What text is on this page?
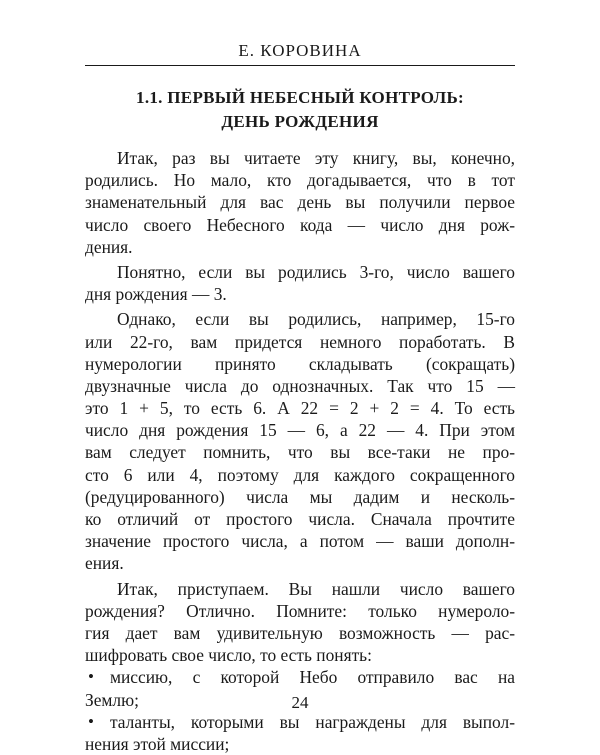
Е. КОРОВИНА
1.1. ПЕРВЫЙ НЕБЕСНЫЙ КОНТРОЛЬ:
ДЕНЬ РОЖДЕНИЯ
Итак, раз вы читаете эту книгу, вы, конечно,
родились. Но мало, кто догадывается, что в тот
знаменательный для вас день вы получили первое
число своего Небесного кода — число дня рож-
дения.
Понятно, если вы родились 3-го, число вашего
дня рождения — 3.
Однако, если вы родились, например, 15-го
или 22-го, вам придется немного поработать. В
нумерологии принято складывать (сокращать)
двузначные числа до однозначных. Так что 15 —
это 1 + 5, то есть 6. А 22 = 2 + 2 = 4. То есть
число дня рождения 15 — 6, а 22 — 4. При этом
вам следует помнить, что вы все-таки не про-
сто 6 или 4, поэтому для каждого сокращенного
(редуцированного) числа мы дадим и несколь-
ко отличий от простого числа. Сначала прочтите
значение простого числа, а потом — ваши дополн-
ения.
Итак, приступаем. Вы нашли число вашего
рождения? Отлично. Помните: только нумероло-
гия дает вам удивительную возможность — рас-
шифровать свое число, то есть понять:
• миссию, с которой Небо отправило вас на
Землю;
• таланты, которыми вы награждены для выпол-
нения этой миссии;
24
